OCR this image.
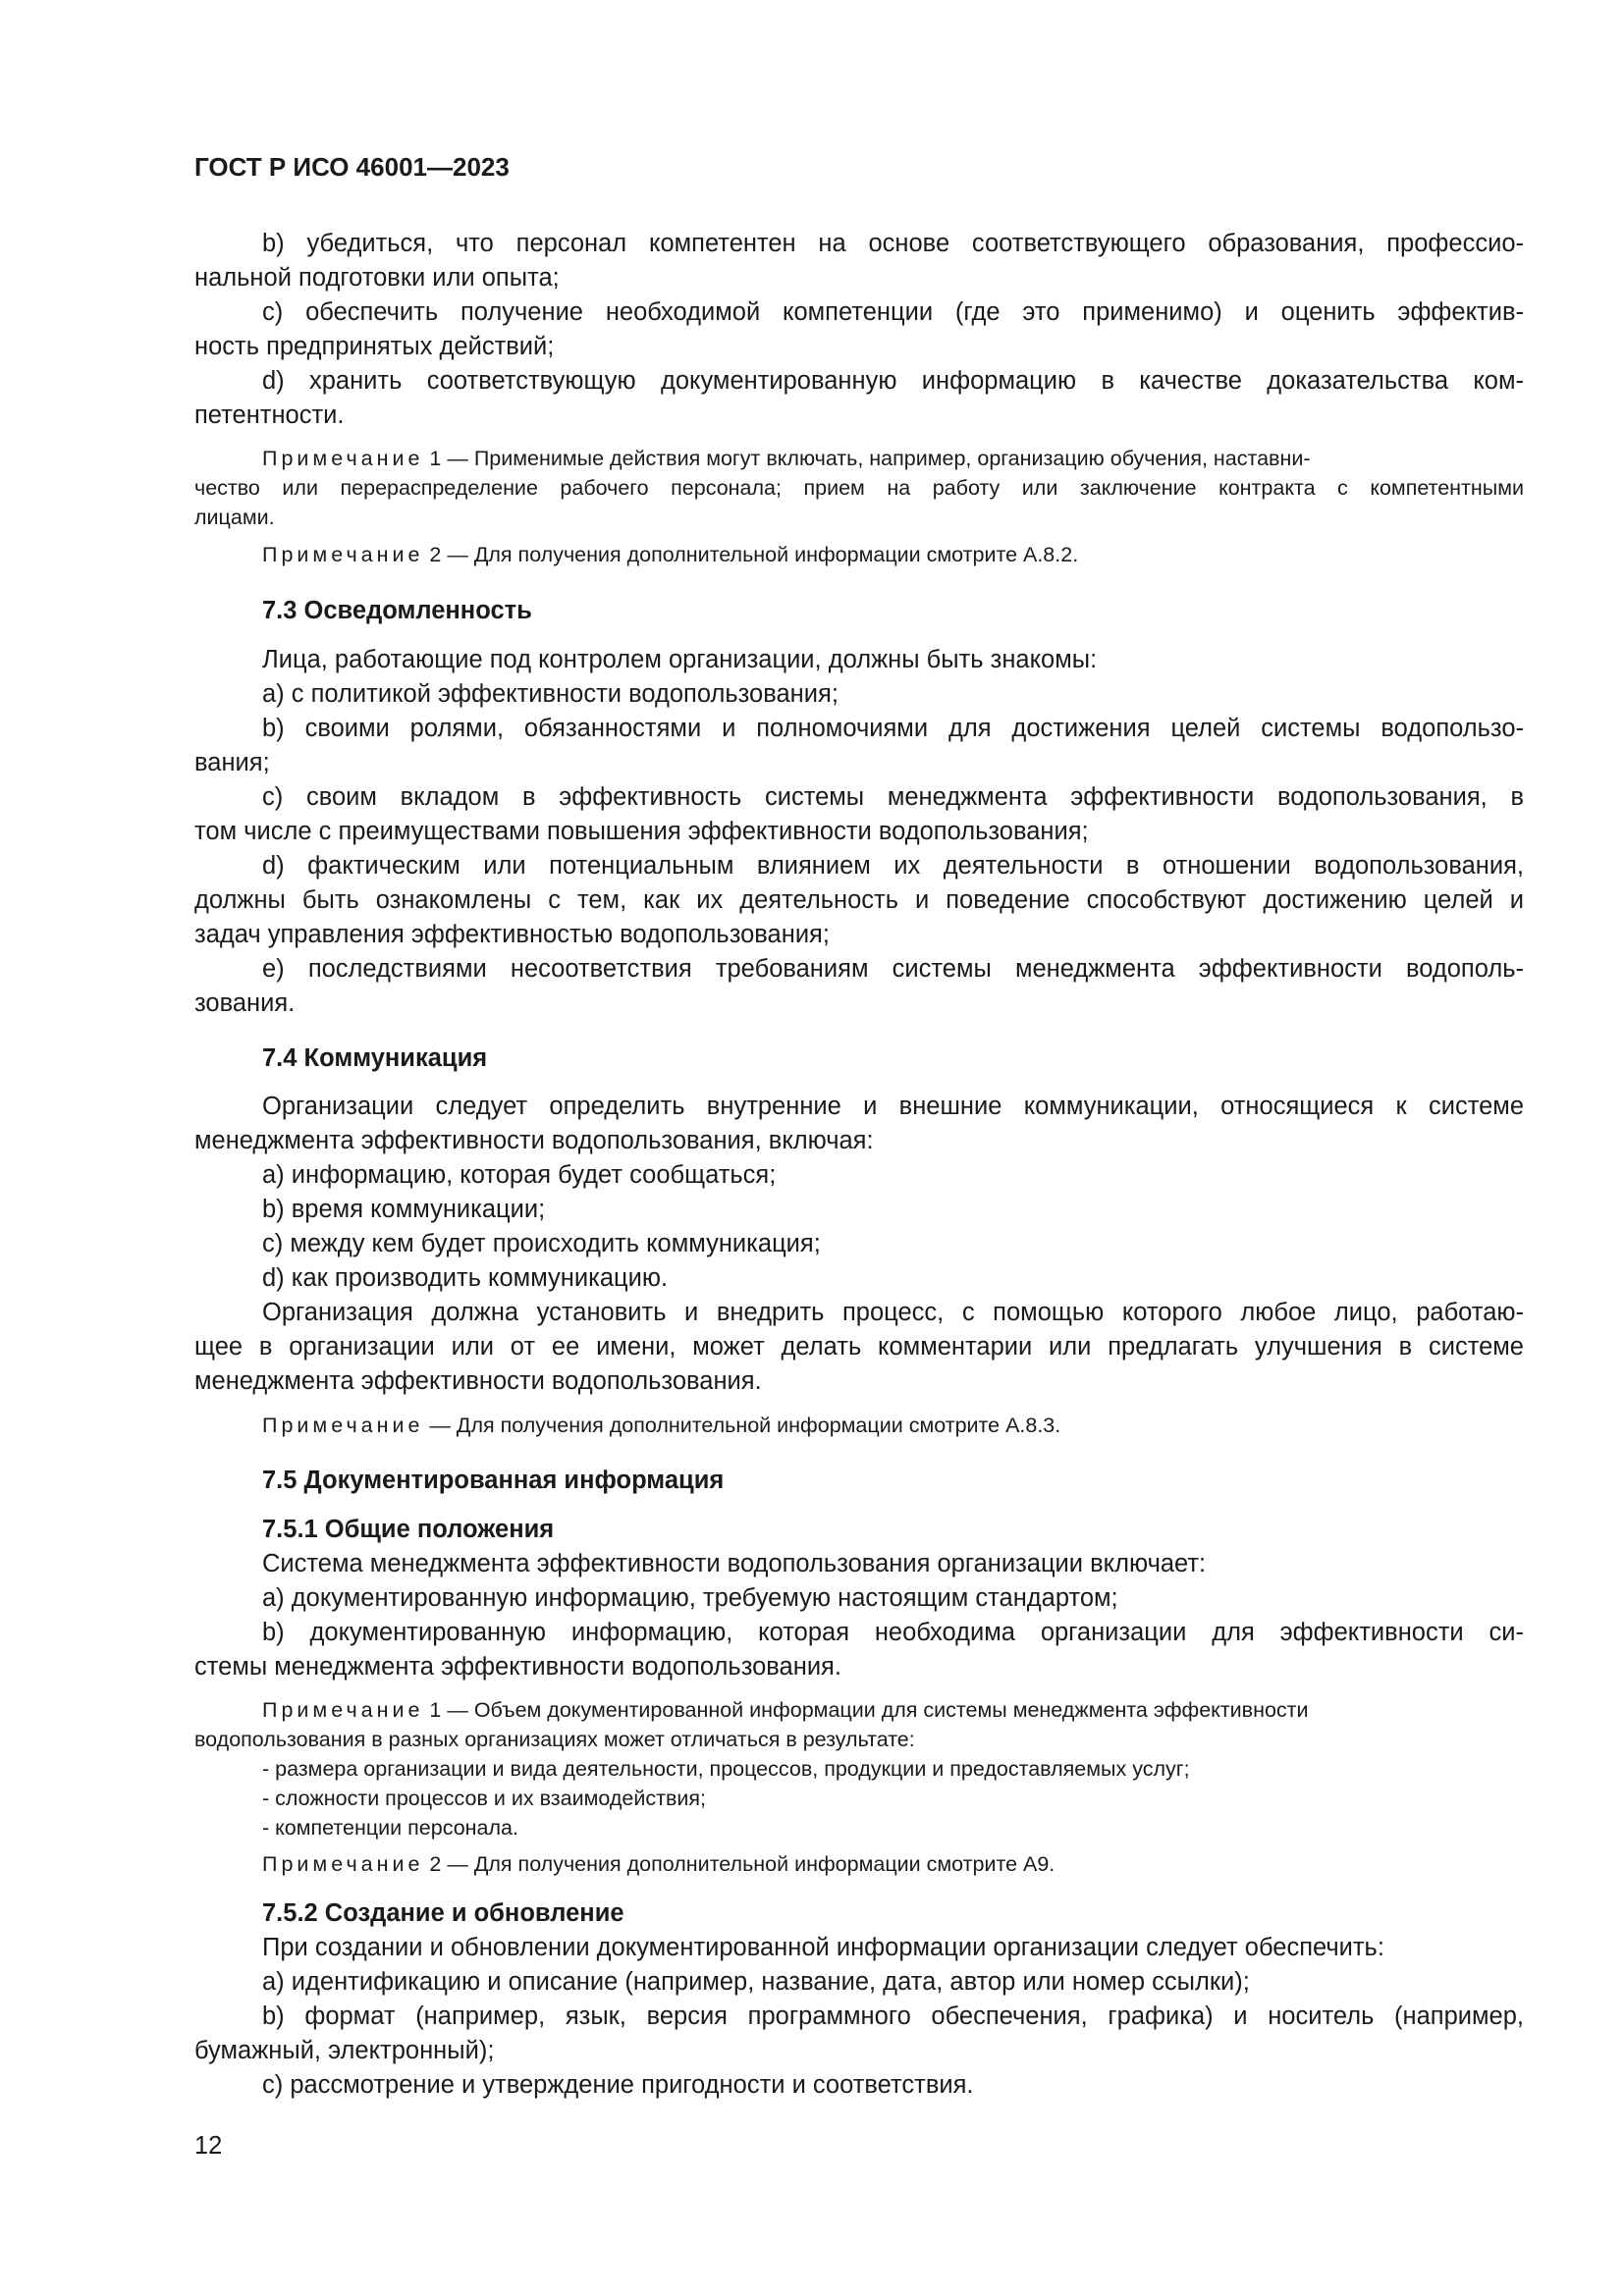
ГОСТ Р ИСО 46001—2023
b) убедиться, что персонал компетентен на основе соответствующего образования, профессио-
нальной подготовки или опыта;
c) обеспечить получение необходимой компетенции (где это применимо) и оценить эффектив-
ность предпринятых действий;
d) хранить соответствующую документированную информацию в качестве доказательства ком-
петентности.
Примечание 1 — Применимые действия могут включать, например, организацию обучения, наставни-
чество или перераспределение рабочего персонала; прием на работу или заключение контракта с компетентными
лицами.
Примечание 2 — Для получения дополнительной информации смотрите А.8.2.
7.3 Осведомленность
Лица, работающие под контролем организации, должны быть знакомы:
a) с политикой эффективности водопользования;
b) своими ролями, обязанностями и полномочиями для достижения целей системы водопользо-
вания;
c) своим вкладом в эффективность системы менеджмента эффективности водопользования, в
том числе с преимуществами повышения эффективности водопользования;
d) фактическим или потенциальным влиянием их деятельности в отношении водопользования,
должны быть ознакомлены с тем, как их деятельность и поведение способствуют достижению целей и
задач управления эффективностью водопользования;
e) последствиями несоответствия требованиям системы менеджмента эффективности водополь-
зования.
7.4 Коммуникация
Организации следует определить внутренние и внешние коммуникации, относящиеся к системе
менеджмента эффективности водопользования, включая:
a) информацию, которая будет сообщаться;
b) время коммуникации;
c) между кем будет происходить коммуникация;
d) как производить коммуникацию.
Организация должна установить и внедрить процесс, с помощью которого любое лицо, работаю-
щее в организации или от ее имени, может делать комментарии или предлагать улучшения в системе
менеджмента эффективности водопользования.
Примечание — Для получения дополнительной информации смотрите А.8.3.
7.5 Документированная информация
7.5.1 Общие положения
Система менеджмента эффективности водопользования организации включает:
a) документированную информацию, требуемую настоящим стандартом;
b) документированную информацию, которая необходима организации для эффективности си-
стемы менеджмента эффективности водопользования.
Примечание 1 — Объем документированной информации для системы менеджмента эффективности
водопользования в разных организациях может отличаться в результате:
- размера организации и вида деятельности, процессов, продукции и предоставляемых услуг;
- сложности процессов и их взаимодействия;
- компетенции персонала.
Примечание 2 — Для получения дополнительной информации смотрите А9.
7.5.2 Создание и обновление
При создании и обновлении документированной информации организации следует обеспечить:
a) идентификацию и описание (например, название, дата, автор или номер ссылки);
b) формат (например, язык, версия программного обеспечения, графика) и носитель (например,
бумажный, электронный);
c) рассмотрение и утверждение пригодности и соответствия.
12
